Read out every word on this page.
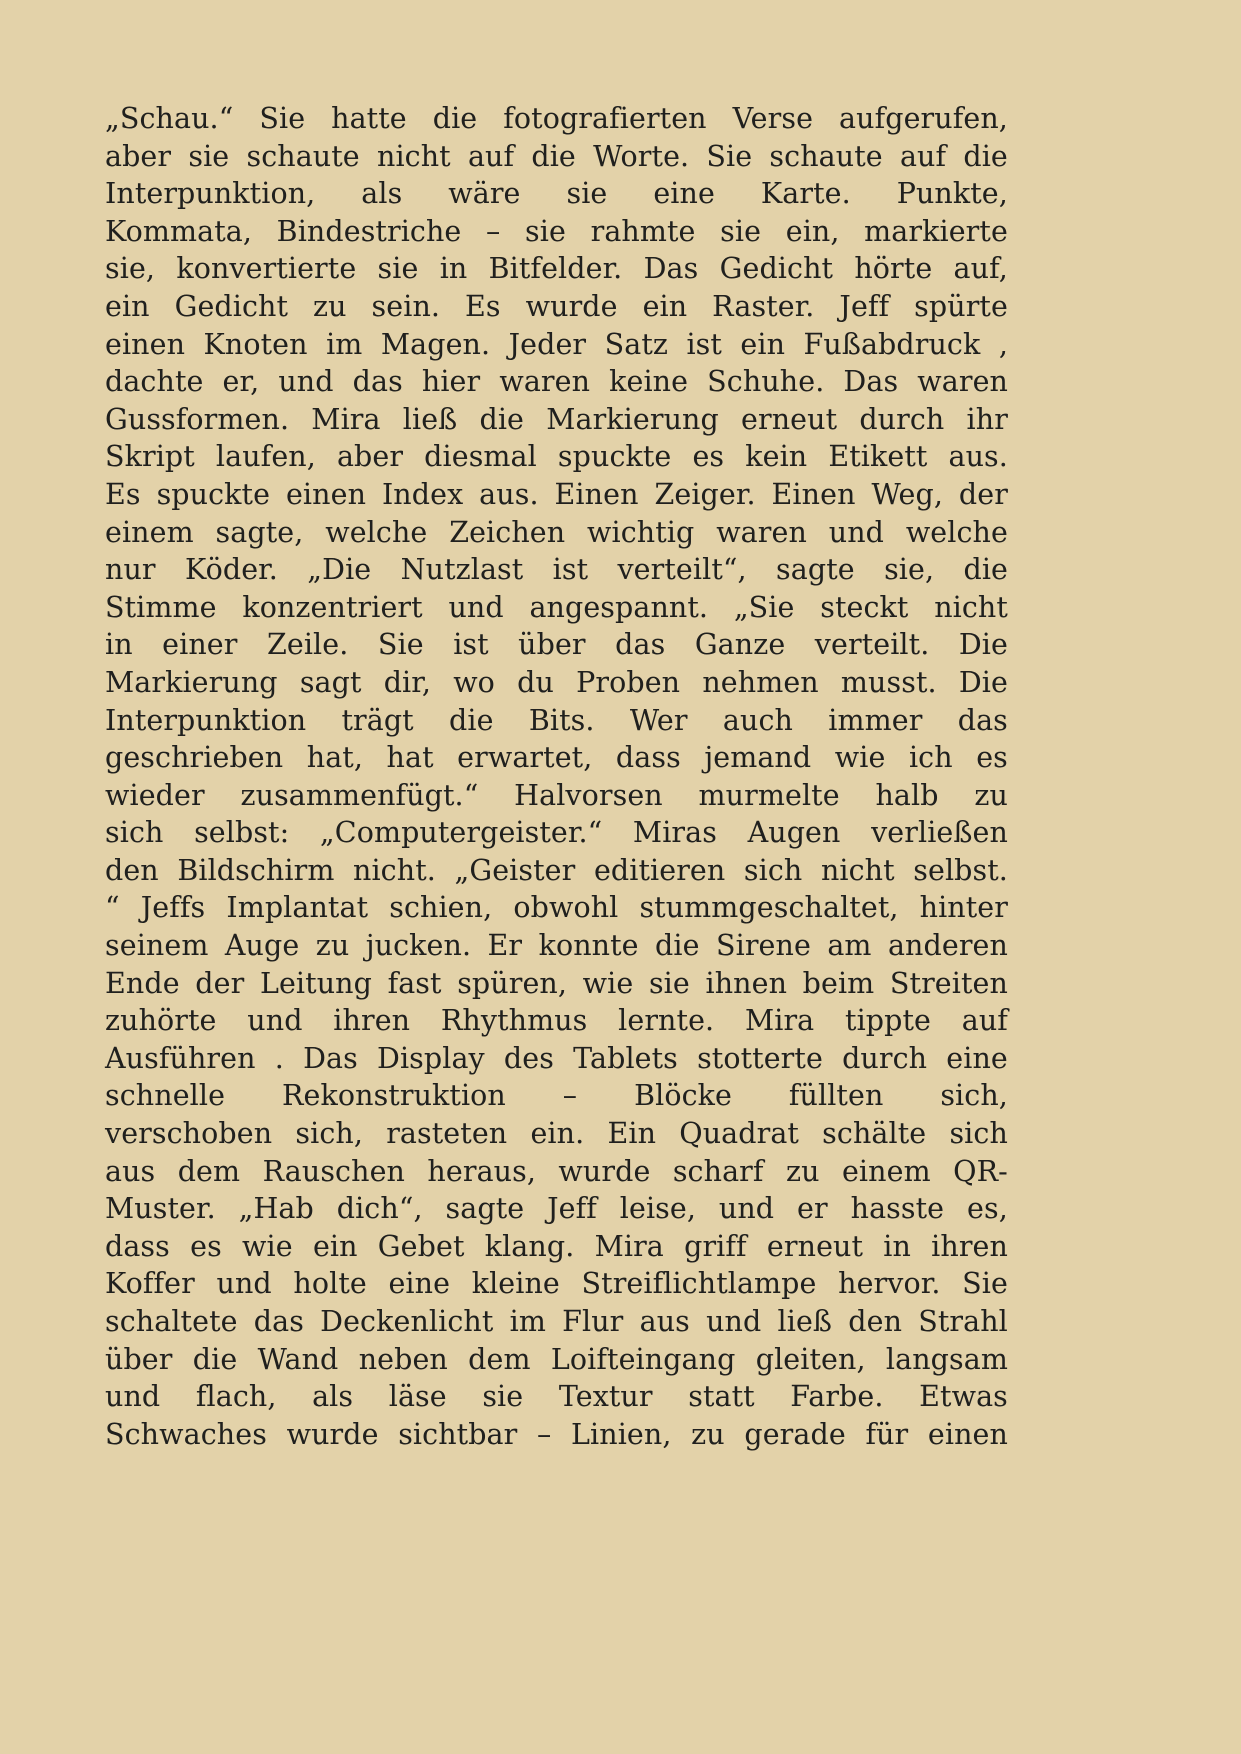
„Schau.“ Sie hatte die fotografierten Verse aufgerufen,
aber sie schaute nicht auf die Worte. Sie schaute auf die
Interpunktion, als wäre sie eine Karte. Punkte,
Kommata, Bindestriche – sie rahmte sie ein, markierte
sie, konvertierte sie in Bitfelder. Das Gedicht hörte auf,
ein Gedicht zu sein. Es wurde ein Raster. Jeff spürte
einen Knoten im Magen. Jeder Satz ist ein Fußabdruck ,
dachte er, und das hier waren keine Schuhe. Das waren
Gussformen. Mira ließ die Markierung erneut durch ihr
Skript laufen, aber diesmal spuckte es kein Etikett aus.
Es spuckte einen Index aus. Einen Zeiger. Einen Weg, der
einem sagte, welche Zeichen wichtig waren und welche
nur Köder. „Die Nutzlast ist verteilt“, sagte sie, die
Stimme konzentriert und angespannt. „Sie steckt nicht
in einer Zeile. Sie ist über das Ganze verteilt. Die
Markierung sagt dir, wo du Proben nehmen musst. Die
Interpunktion trägt die Bits. Wer auch immer das
geschrieben hat, hat erwartet, dass jemand wie ich es
wieder zusammenfügt.“ Halvorsen murmelte halb zu
sich selbst: „Computergeister.“ Miras Augen verließen
den Bildschirm nicht. „Geister editieren sich nicht selbst.
“ Jeffs Implantat schien, obwohl stummgeschaltet, hinter
seinem Auge zu jucken. Er konnte die Sirene am anderen
Ende der Leitung fast spüren, wie sie ihnen beim Streiten
zuhörte und ihren Rhythmus lernte. Mira tippte auf
Ausführen . Das Display des Tablets stotterte durch eine
schnelle Rekonstruktion – Blöcke füllten sich,
verschoben sich, rasteten ein. Ein Quadrat schälte sich
aus dem Rauschen heraus, wurde scharf zu einem QR-
Muster. „Hab dich“, sagte Jeff leise, und er hasste es,
dass es wie ein Gebet klang. Mira griff erneut in ihren
Koffer und holte eine kleine Streiflichtlampe hervor. Sie
schaltete das Deckenlicht im Flur aus und ließ den Strahl
über die Wand neben dem Loifteingang gleiten, langsam
und flach, als läse sie Textur statt Farbe. Etwas
Schwaches wurde sichtbar – Linien, zu gerade für einen
